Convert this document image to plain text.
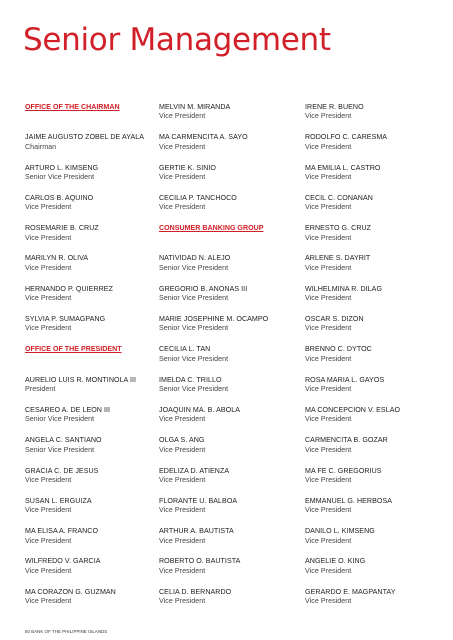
Senior Management
OFFICE OF THE CHAIRMAN
JAIME AUGUSTO ZOBEL DE AYALA
Chairman
ARTURO L. KIMSENG
Senior Vice President
CARLOS B. AQUINO
Vice President
ROSEMARIE B. CRUZ
Vice President
MARILYN R. OLIVA
Vice President
HERNANDO P. QUIERREZ
Vice President
SYLVIA P. SUMAGPANG
Vice President
OFFICE OF THE PRESIDENT
AURELIO LUIS R. MONTINOLA III
President
CESAREO A. DE LEON III
Senior Vice President
ANGELA C. SANTIANO
Senior Vice President
GRACIA C. DE JESUS
Vice President
SUSAN L. ERGUIZA
Vice President
MA ELISA A. FRANCO
Vice President
WILFREDO V. GARCIA
Vice President
MA CORAZON G. GUZMAN
Vice President
MELVIN M. MIRANDA
Vice President
MA CARMENCITA A. SAYO
Vice President
GERTIE K. SINIO
Vice President
CECILIA P. TANCHOCO
Vice President
CONSUMER BANKING GROUP
NATIVIDAD N. ALEJO
Senior Vice President
GREGORIO B. ANONAS III
Senior Vice President
MARIE JOSEPHINE M. OCAMPO
Senior Vice President
CECILIA L. TAN
Senior Vice President
IMELDA C. TRILLO
Senior Vice President
JOAQUIN MA. B. ABOLA
Vice President
OLGA S. ANG
Vice President
EDELIZA D. ATIENZA
Vice President
FLORANTE U. BALBOA
Vice President
ARTHUR A. BAUTISTA
Vice President
ROBERTO O. BAUTISTA
Vice President
CELIA D. BERNARDO
Vice President
IRENE R. BUENO
Vice President
RODOLFO C. CARESMA
Vice President
MA EMILIA L. CASTRO
Vice President
CECIL C. CONANAN
Vice President
ERNESTO G. CRUZ
Vice President
ARLENE S. DAYRIT
Vice President
WILHELMINA R. DILAG
Vice President
OSCAR S. DIZON
Vice President
BRENNO C. DYTOC
Vice President
ROSA MARIA L. GAYOS
Vice President
MA CONCEPCION V. ESLAO
Vice President
CARMENCITA B. GOZAR
Vice President
MA FE C. GREGORIUS
Vice President
EMMANUEL G. HERBOSA
Vice President
DANILO L. KIMSENG
Vice President
ANGELIE O. KING
Vice President
GERARDO E. MAGPANTAY
Vice President
50 BANK OF THE PHILIPPINE ISLANDS
